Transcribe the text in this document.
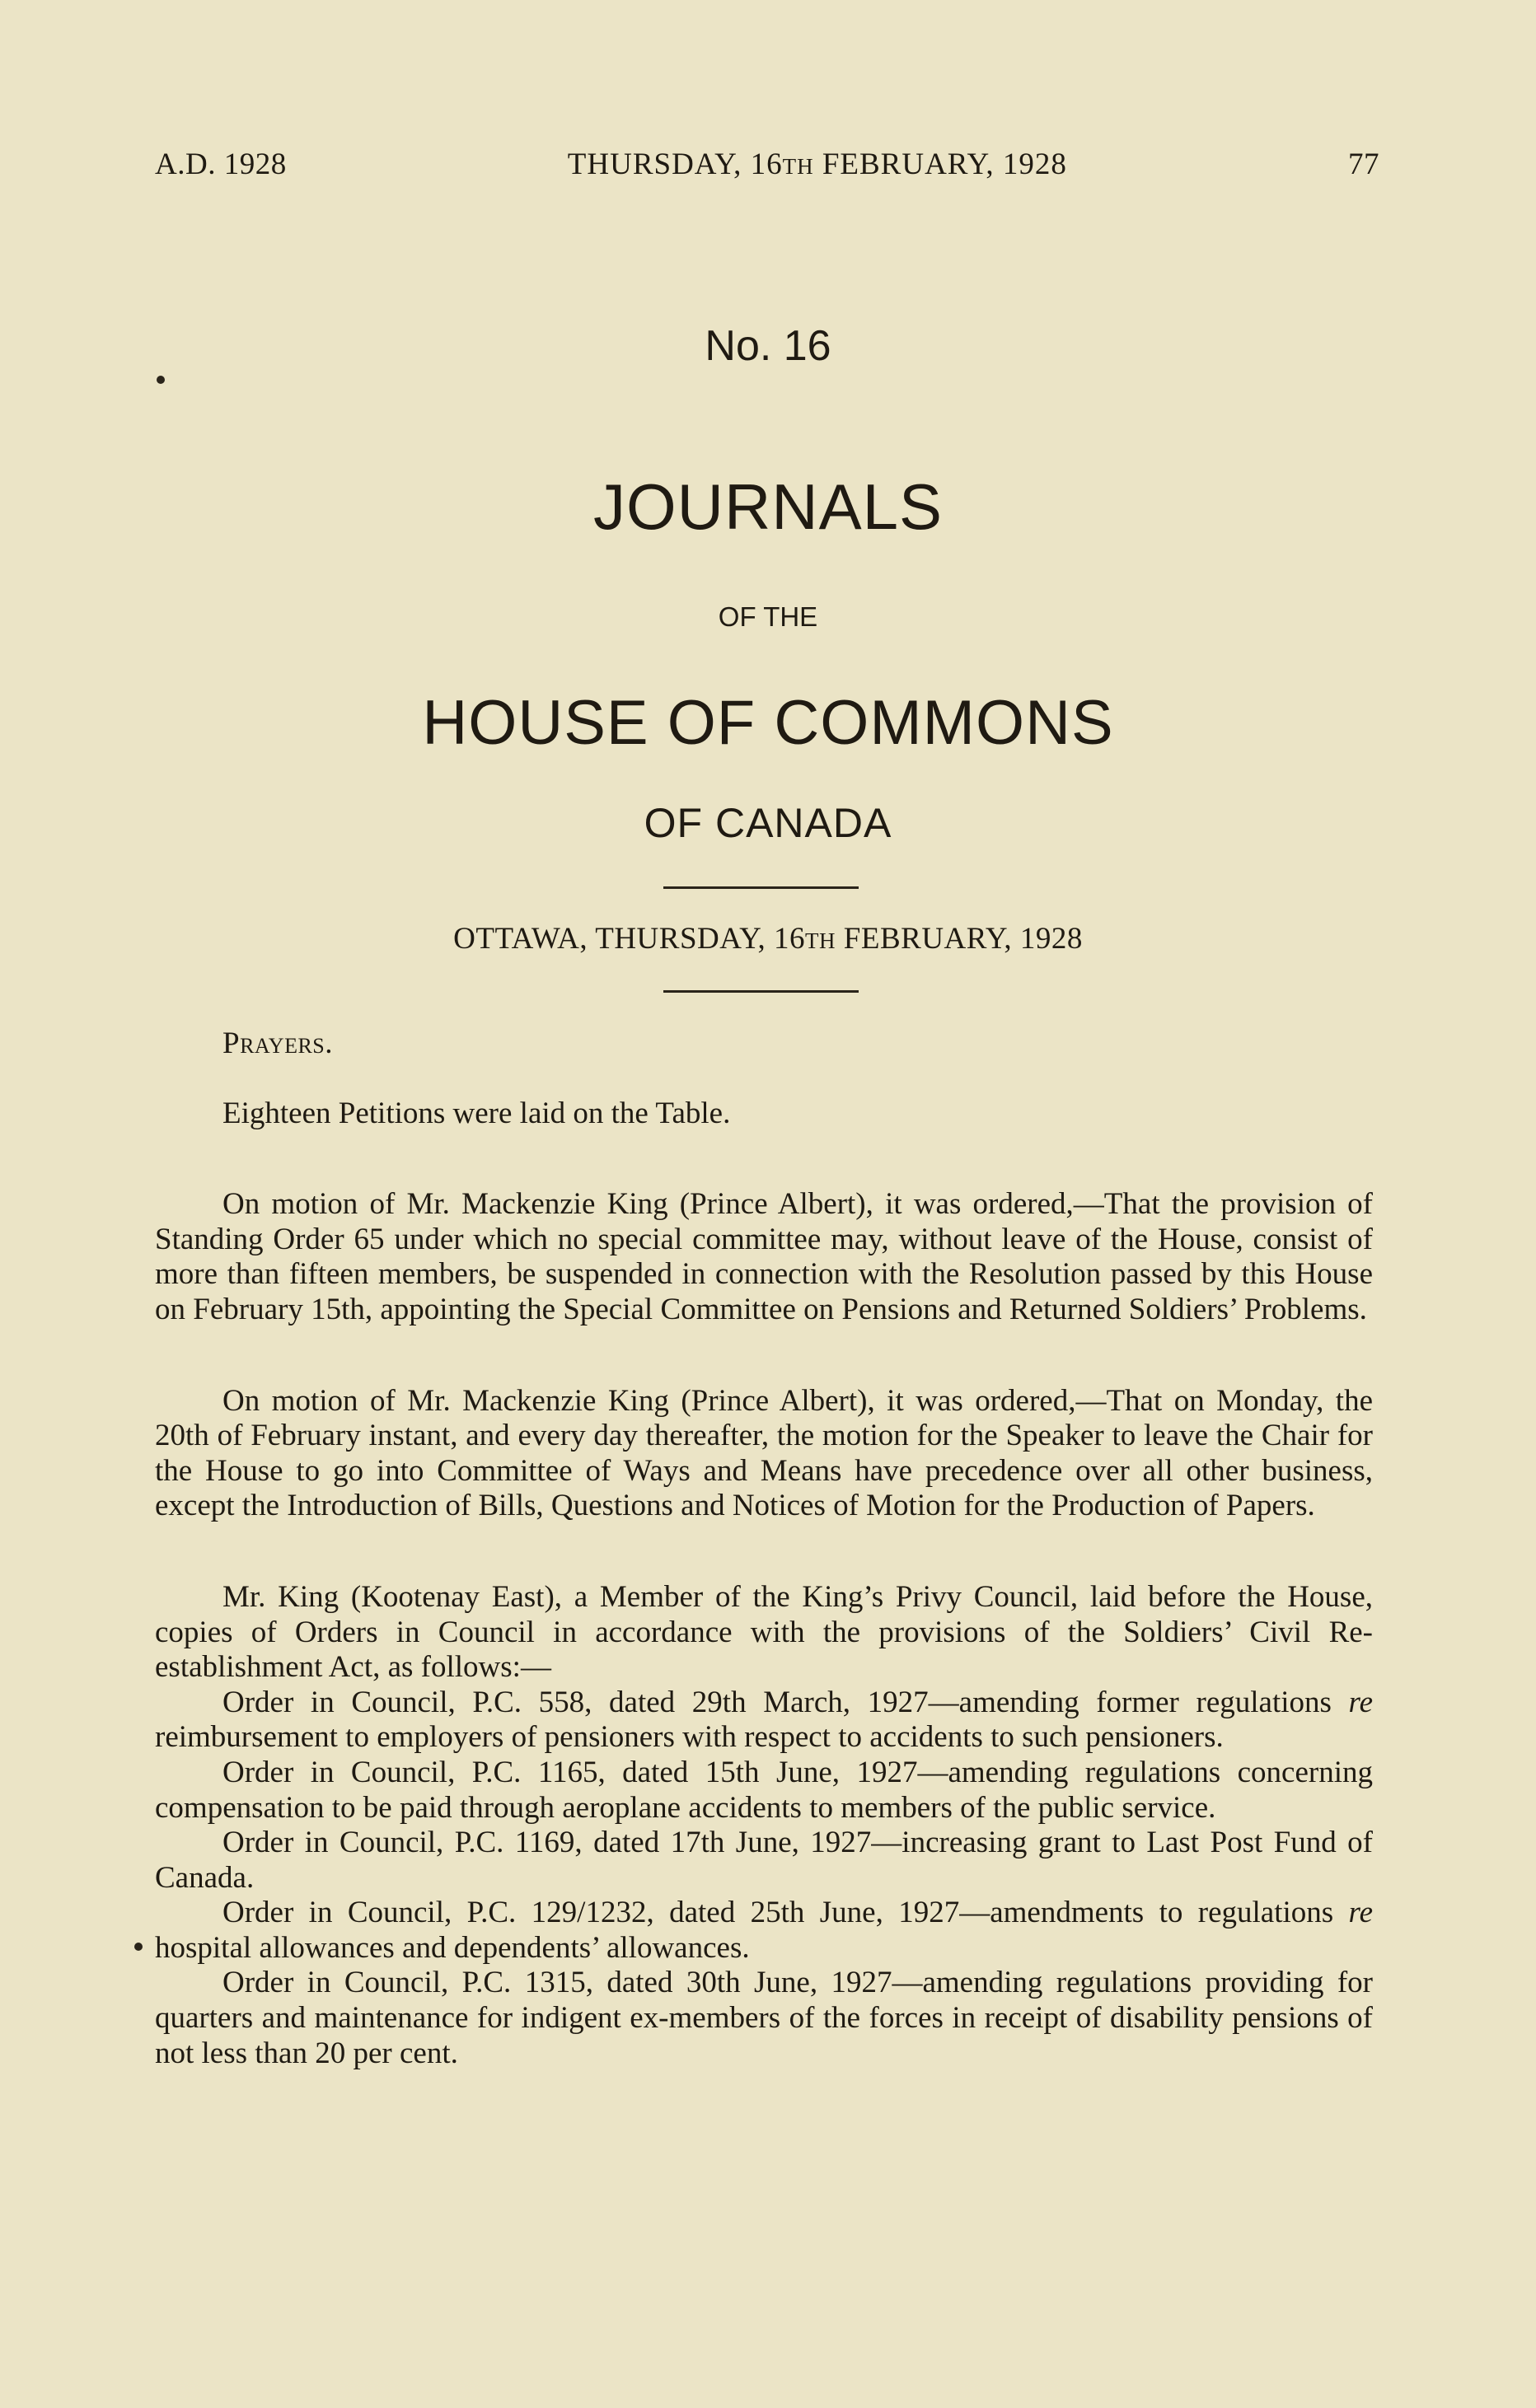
A.D. 1928	THURSDAY, 16TH FEBRUARY, 1928	77
No. 16
JOURNALS
OF THE
HOUSE OF COMMONS
OF CANADA
OTTAWA, THURSDAY, 16TH FEBRUARY, 1928

Prayers.

Eighteen Petitions were laid on the Table.

On motion of Mr. Mackenzie King (Prince Albert), it was ordered,—That the provision of Standing Order 65 under which no special committee may, without leave of the House, consist of more than fifteen members, be suspended in connection with the Resolution passed by this House on February 15th, appointing the Special Committee on Pensions and Returned Soldiers’ Problems.

On motion of Mr. Mackenzie King (Prince Albert), it was ordered,—That on Monday, the 20th of February instant, and every day thereafter, the motion for the Speaker to leave the Chair for the House to go into Committee of Ways and Means have precedence over all other business, except the Introduction of Bills, Questions and Notices of Motion for the Production of Papers.

Mr. King (Kootenay East), a Member of the King’s Privy Council, laid before the House, copies of Orders in Council in accordance with the provisions of the Soldiers’ Civil Re-establishment Act, as follows:—

Order in Council, P.C. 558, dated 29th March, 1927—amending former regulations re reimbursement to employers of pensioners with respect to accidents to such pensioners.

Order in Council, P.C. 1165, dated 15th June, 1927—amending regulations concerning compensation to be paid through aeroplane accidents to members of the public service.

Order in Council, P.C. 1169, dated 17th June, 1927—increasing grant to Last Post Fund of Canada.

Order in Council, P.C. 129/1232, dated 25th June, 1927—amendments to regulations re hospital allowances and dependents’ allowances.

Order in Council, P.C. 1315, dated 30th June, 1927—amending regulations providing for quarters and maintenance for indigent ex-members of the forces in receipt of disability pensions of not less than 20 per cent.
